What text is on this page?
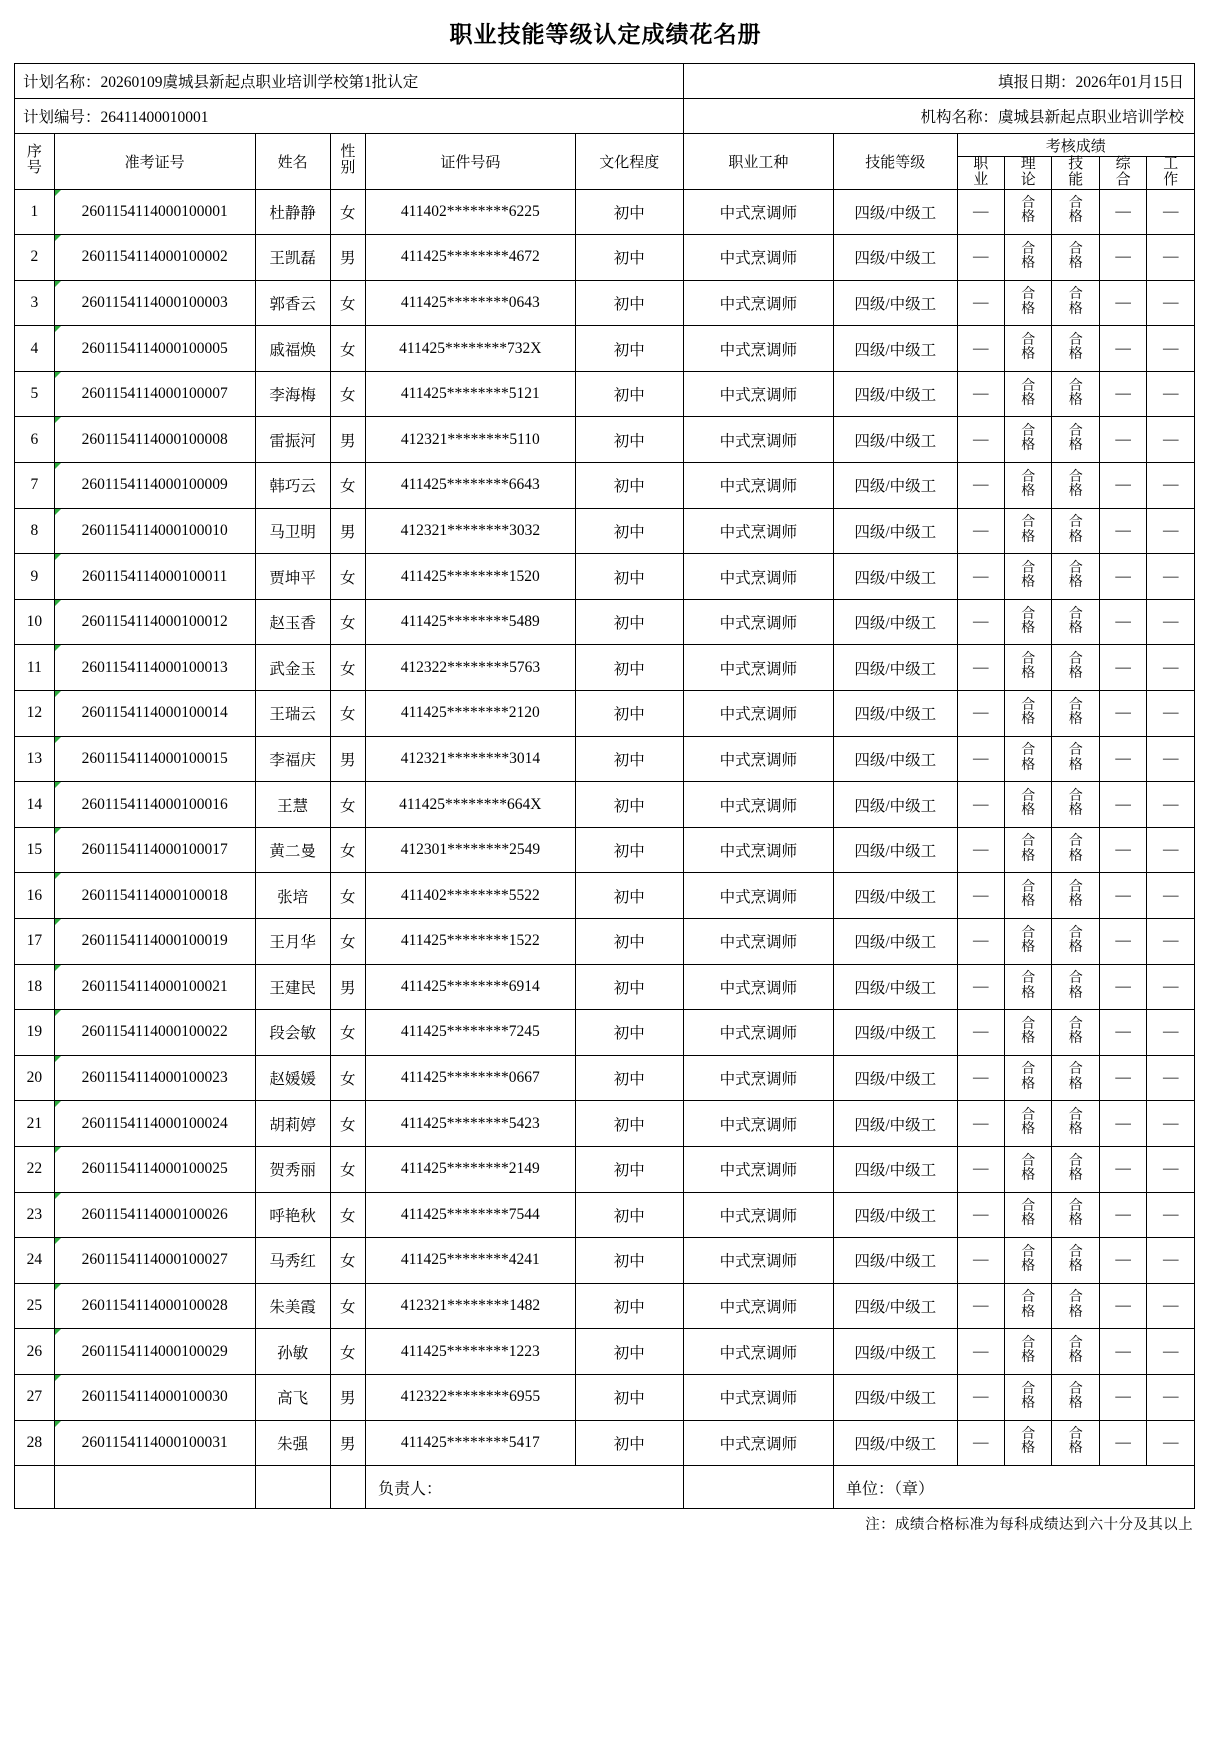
职业技能等级认定成绩花名册
计划名称：20260109虞城县新起点职业培训学校第1批认定						填报日期：2026年01月15日						
计划编号：26411400010001						机构名称：虞城县新起点职业培训学校						
序号	准考证号	姓名	性别	证件号码	文化程度	职业工种	技能等级	考核成绩				
								职业	理论	技能	综合	工作
1	2601154114000100001	杜静静	女	411402********6225	初中	中式烹调师	四级/中级工	—	合格	合格	—	—
2	2601154114000100002	王凯磊	男	411425********4672	初中	中式烹调师	四级/中级工	—	合格	合格	—	—
3	2601154114000100003	郭香云	女	411425********0643	初中	中式烹调师	四级/中级工	—	合格	合格	—	—
4	2601154114000100005	戚福焕	女	411425********732X	初中	中式烹调师	四级/中级工	—	合格	合格	—	—
5	2601154114000100007	李海梅	女	411425********5121	初中	中式烹调师	四级/中级工	—	合格	合格	—	—
6	2601154114000100008	雷振河	男	412321********5110	初中	中式烹调师	四级/中级工	—	合格	合格	—	—
7	2601154114000100009	韩巧云	女	411425********6643	初中	中式烹调师	四级/中级工	—	合格	合格	—	—
8	2601154114000100010	马卫明	男	412321********3032	初中	中式烹调师	四级/中级工	—	合格	合格	—	—
9	2601154114000100011	贾坤平	女	411425********1520	初中	中式烹调师	四级/中级工	—	合格	合格	—	—
10	2601154114000100012	赵玉香	女	411425********5489	初中	中式烹调师	四级/中级工	—	合格	合格	—	—
11	2601154114000100013	武金玉	女	412322********5763	初中	中式烹调师	四级/中级工	—	合格	合格	—	—
12	2601154114000100014	王瑞云	女	411425********2120	初中	中式烹调师	四级/中级工	—	合格	合格	—	—
13	2601154114000100015	李福庆	男	412321********3014	初中	中式烹调师	四级/中级工	—	合格	合格	—	—
14	2601154114000100016	王慧	女	411425********664X	初中	中式烹调师	四级/中级工	—	合格	合格	—	—
15	2601154114000100017	黄二曼	女	412301********2549	初中	中式烹调师	四级/中级工	—	合格	合格	—	—
16	2601154114000100018	张培	女	411402********5522	初中	中式烹调师	四级/中级工	—	合格	合格	—	—
17	2601154114000100019	王月华	女	411425********1522	初中	中式烹调师	四级/中级工	—	合格	合格	—	—
18	2601154114000100021	王建民	男	411425********6914	初中	中式烹调师	四级/中级工	—	合格	合格	—	—
19	2601154114000100022	段会敏	女	411425********7245	初中	中式烹调师	四级/中级工	—	合格	合格	—	—
20	2601154114000100023	赵媛媛	女	411425********0667	初中	中式烹调师	四级/中级工	—	合格	合格	—	—
21	2601154114000100024	胡莉婷	女	411425********5423	初中	中式烹调师	四级/中级工	—	合格	合格	—	—
22	2601154114000100025	贺秀丽	女	411425********2149	初中	中式烹调师	四级/中级工	—	合格	合格	—	—
23	2601154114000100026	呼艳秋	女	411425********7544	初中	中式烹调师	四级/中级工	—	合格	合格	—	—
24	2601154114000100027	马秀红	女	411425********4241	初中	中式烹调师	四级/中级工	—	合格	合格	—	—
25	2601154114000100028	朱美霞	女	412321********1482	初中	中式烹调师	四级/中级工	—	合格	合格	—	—
26	2601154114000100029	孙敏	女	411425********1223	初中	中式烹调师	四级/中级工	—	合格	合格	—	—
27	2601154114000100030	高飞	男	412322********6955	初中	中式烹调师	四级/中级工	—	合格	合格	—	—
28	2601154114000100031	朱强	男	411425********5417	初中	中式烹调师	四级/中级工	—	合格	合格	—	—
				负责人：			单位：（章）					
注：成绩合格标准为每科成绩达到六十分及其以上
